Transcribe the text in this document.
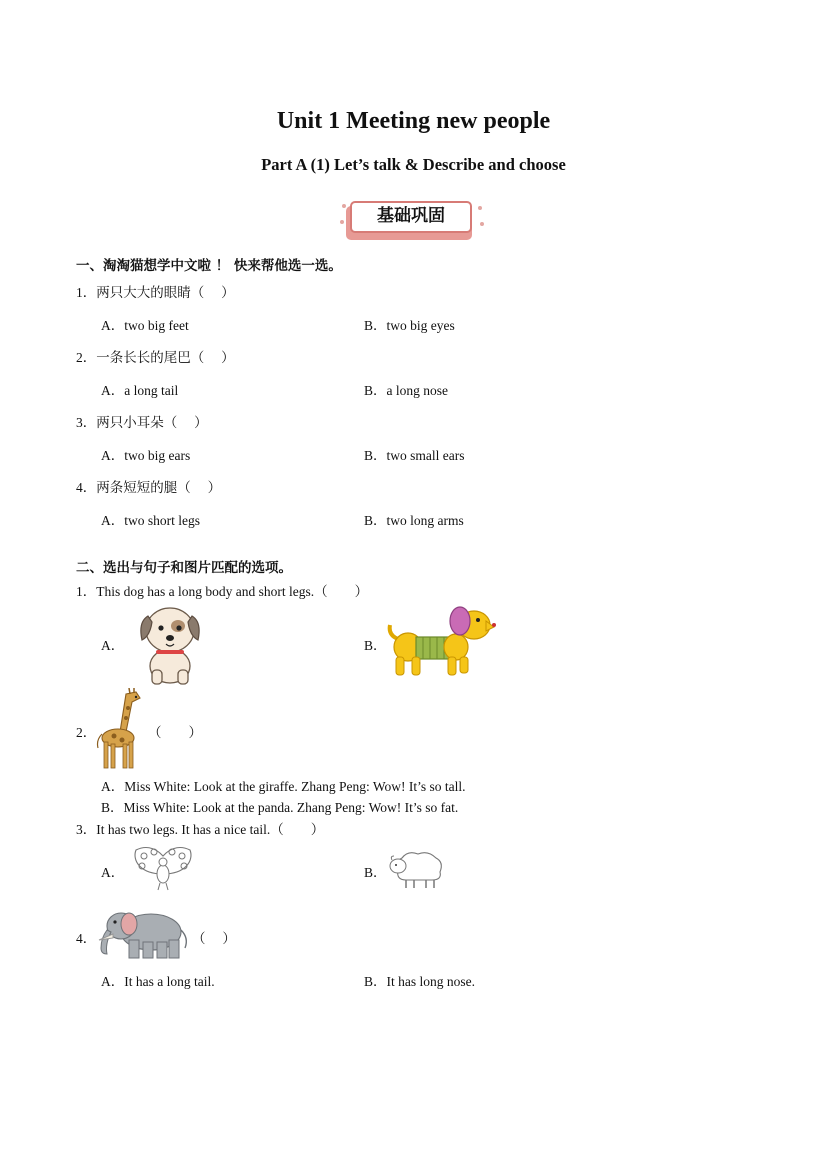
Unit 1 Meeting new people
Part A (1) Let’s talk & Describe and choose
基础巩固
一、淘淘猫想学中文啦 ！ 快来帮他选一选。
1．两只大大的眼睛（　 ）
A．two big feet	B．two big eyes
2．一条长长的尾巴（　 ）
A．a long tail	B．a long nose
3．两只小耳朵（　 ）
A．two big ears	B．two small ears
4．两条短短的腿（　 ）
A．two short legs	B．two long arms
二、选出与句子和图片匹配的选项。
1．This dog has a long body and short legs.（　　）
A．	B．
2．	（　　）
A．Miss White: Look at the giraffe. Zhang Peng: Wow! It’s so tall.
B．Miss White: Look at the panda. Zhang Peng: Wow! It’s so fat.
3．It has two legs. It has a nice tail.（　　）
A．	B．
4．	（　 ）
A．It has a long tail.	B．It has long nose.
